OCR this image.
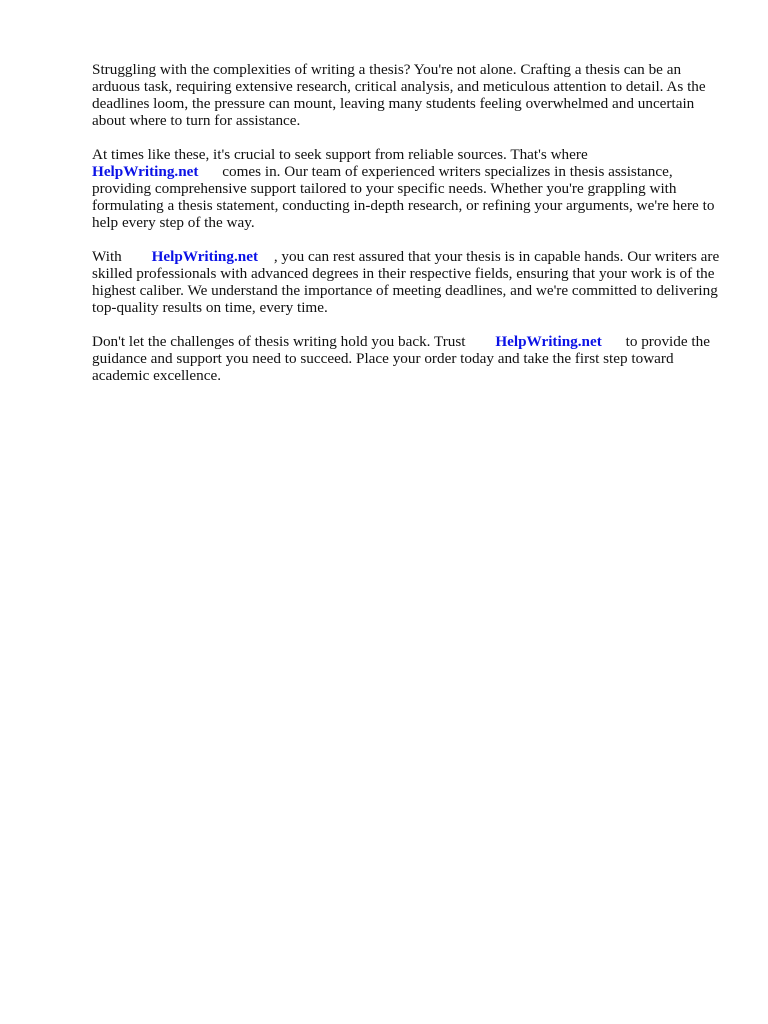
Struggling with the complexities of writing a thesis? You're not alone. Crafting a thesis can be an arduous task, requiring extensive research, critical analysis, and meticulous attention to detail. As the deadlines loom, the pressure can mount, leaving many students feeling overwhelmed and uncertain about where to turn for assistance.

At times like these, it's crucial to seek support from reliable sources. That's where
HelpWriting.net comes in. Our team of experienced writers specializes in thesis assistance, providing comprehensive support tailored to your specific needs. Whether you're grappling with formulating a thesis statement, conducting in-depth research, or refining your arguments, we're here to help every step of the way.

With HelpWriting.net , you can rest assured that your thesis is in capable hands. Our writers are skilled professionals with advanced degrees in their respective fields, ensuring that your work is of the highest caliber. We understand the importance of meeting deadlines, and we're committed to delivering top-quality results on time, every time.

Don't let the challenges of thesis writing hold you back. Trust HelpWriting.net to provide the guidance and support you need to succeed. Place your order today and take the first step toward academic excellence.
